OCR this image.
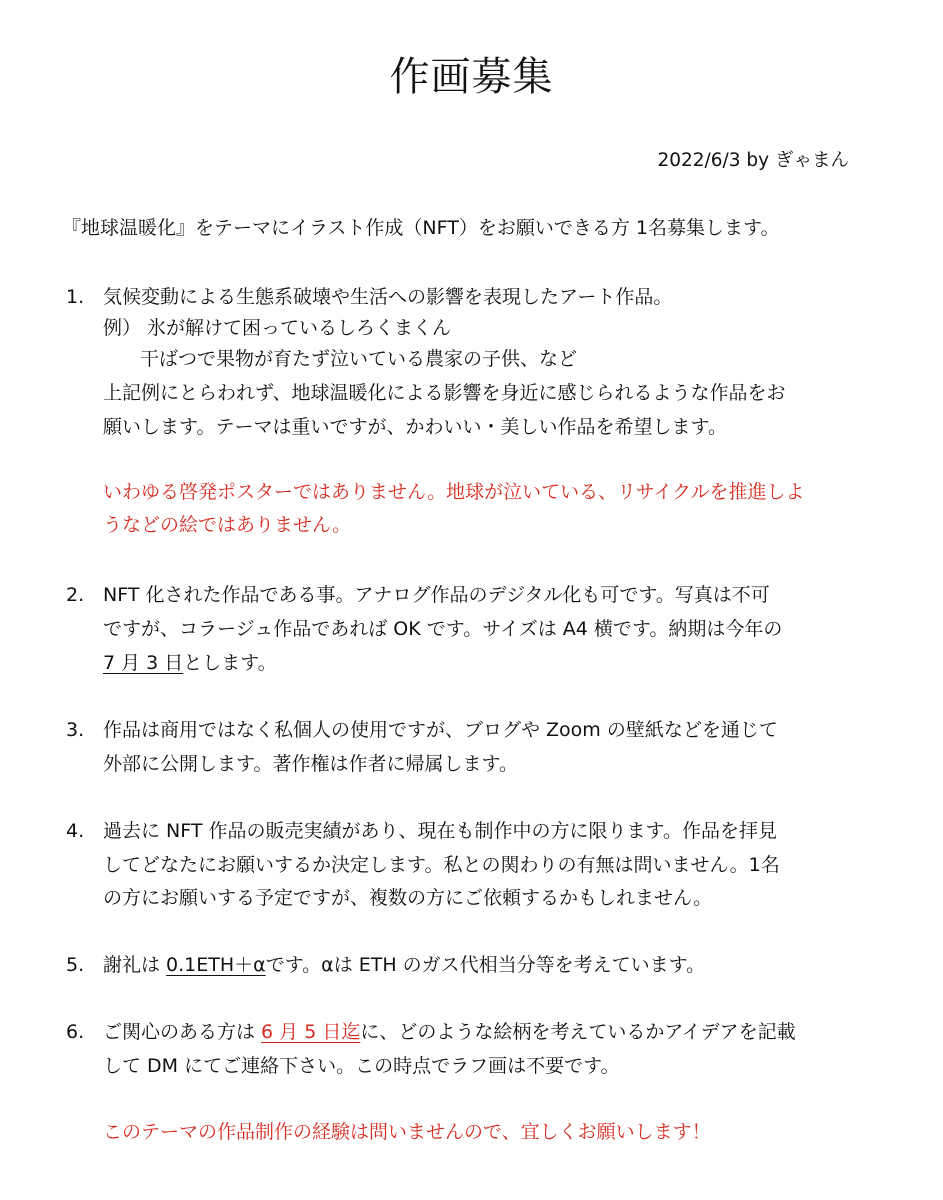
作画募集
2022/6/3 by ぎゃまん

『地球温暖化』をテーマにイラスト作成（NFT）をお願いできる方 1名募集します。

1. 気候変動による生態系破壊や生活への影響を表現したアート作品。

例） 氷が解けて困っているしろくまくん

干ばつで果物が育たず泣いている農家の子供、など

上記例にとらわれず、地球温暖化による影響を身近に感じられるような作品をお

願いします。テーマは重いですが、かわいい・美しい作品を希望します。

いわゆる啓発ポスターではありません。地球が泣いている、リサイクルを推進しよ

うなどの絵ではありません。

2. NFT 化された作品である事。アナログ作品のデジタル化も可です。写真は不可

ですが、コラージュ作品であれば OK です。サイズは A4 横です。納期は今年の

7 月 3 日とします。

3. 作品は商用ではなく私個人の使用ですが、ブログや Zoom の壁紙などを通じて

外部に公開します。著作権は作者に帰属します。

4. 過去に NFT 作品の販売実績があり、現在も制作中の方に限ります。作品を拝見

してどなたにお願いするか決定します。私との関わりの有無は問いません。1名

の方にお願いする予定ですが、複数の方にご依頼するかもしれません。

5. 謝礼は 0.1ETH＋αです。αは ETH のガス代相当分等を考えています。

6. ご関心のある方は 6 月 5 日迄に、どのような絵柄を考えているかアイデアを記載

して DM にてご連絡下さい。この時点でラフ画は不要です。

このテーマの作品制作の経験は問いませんので、宜しくお願いします！
